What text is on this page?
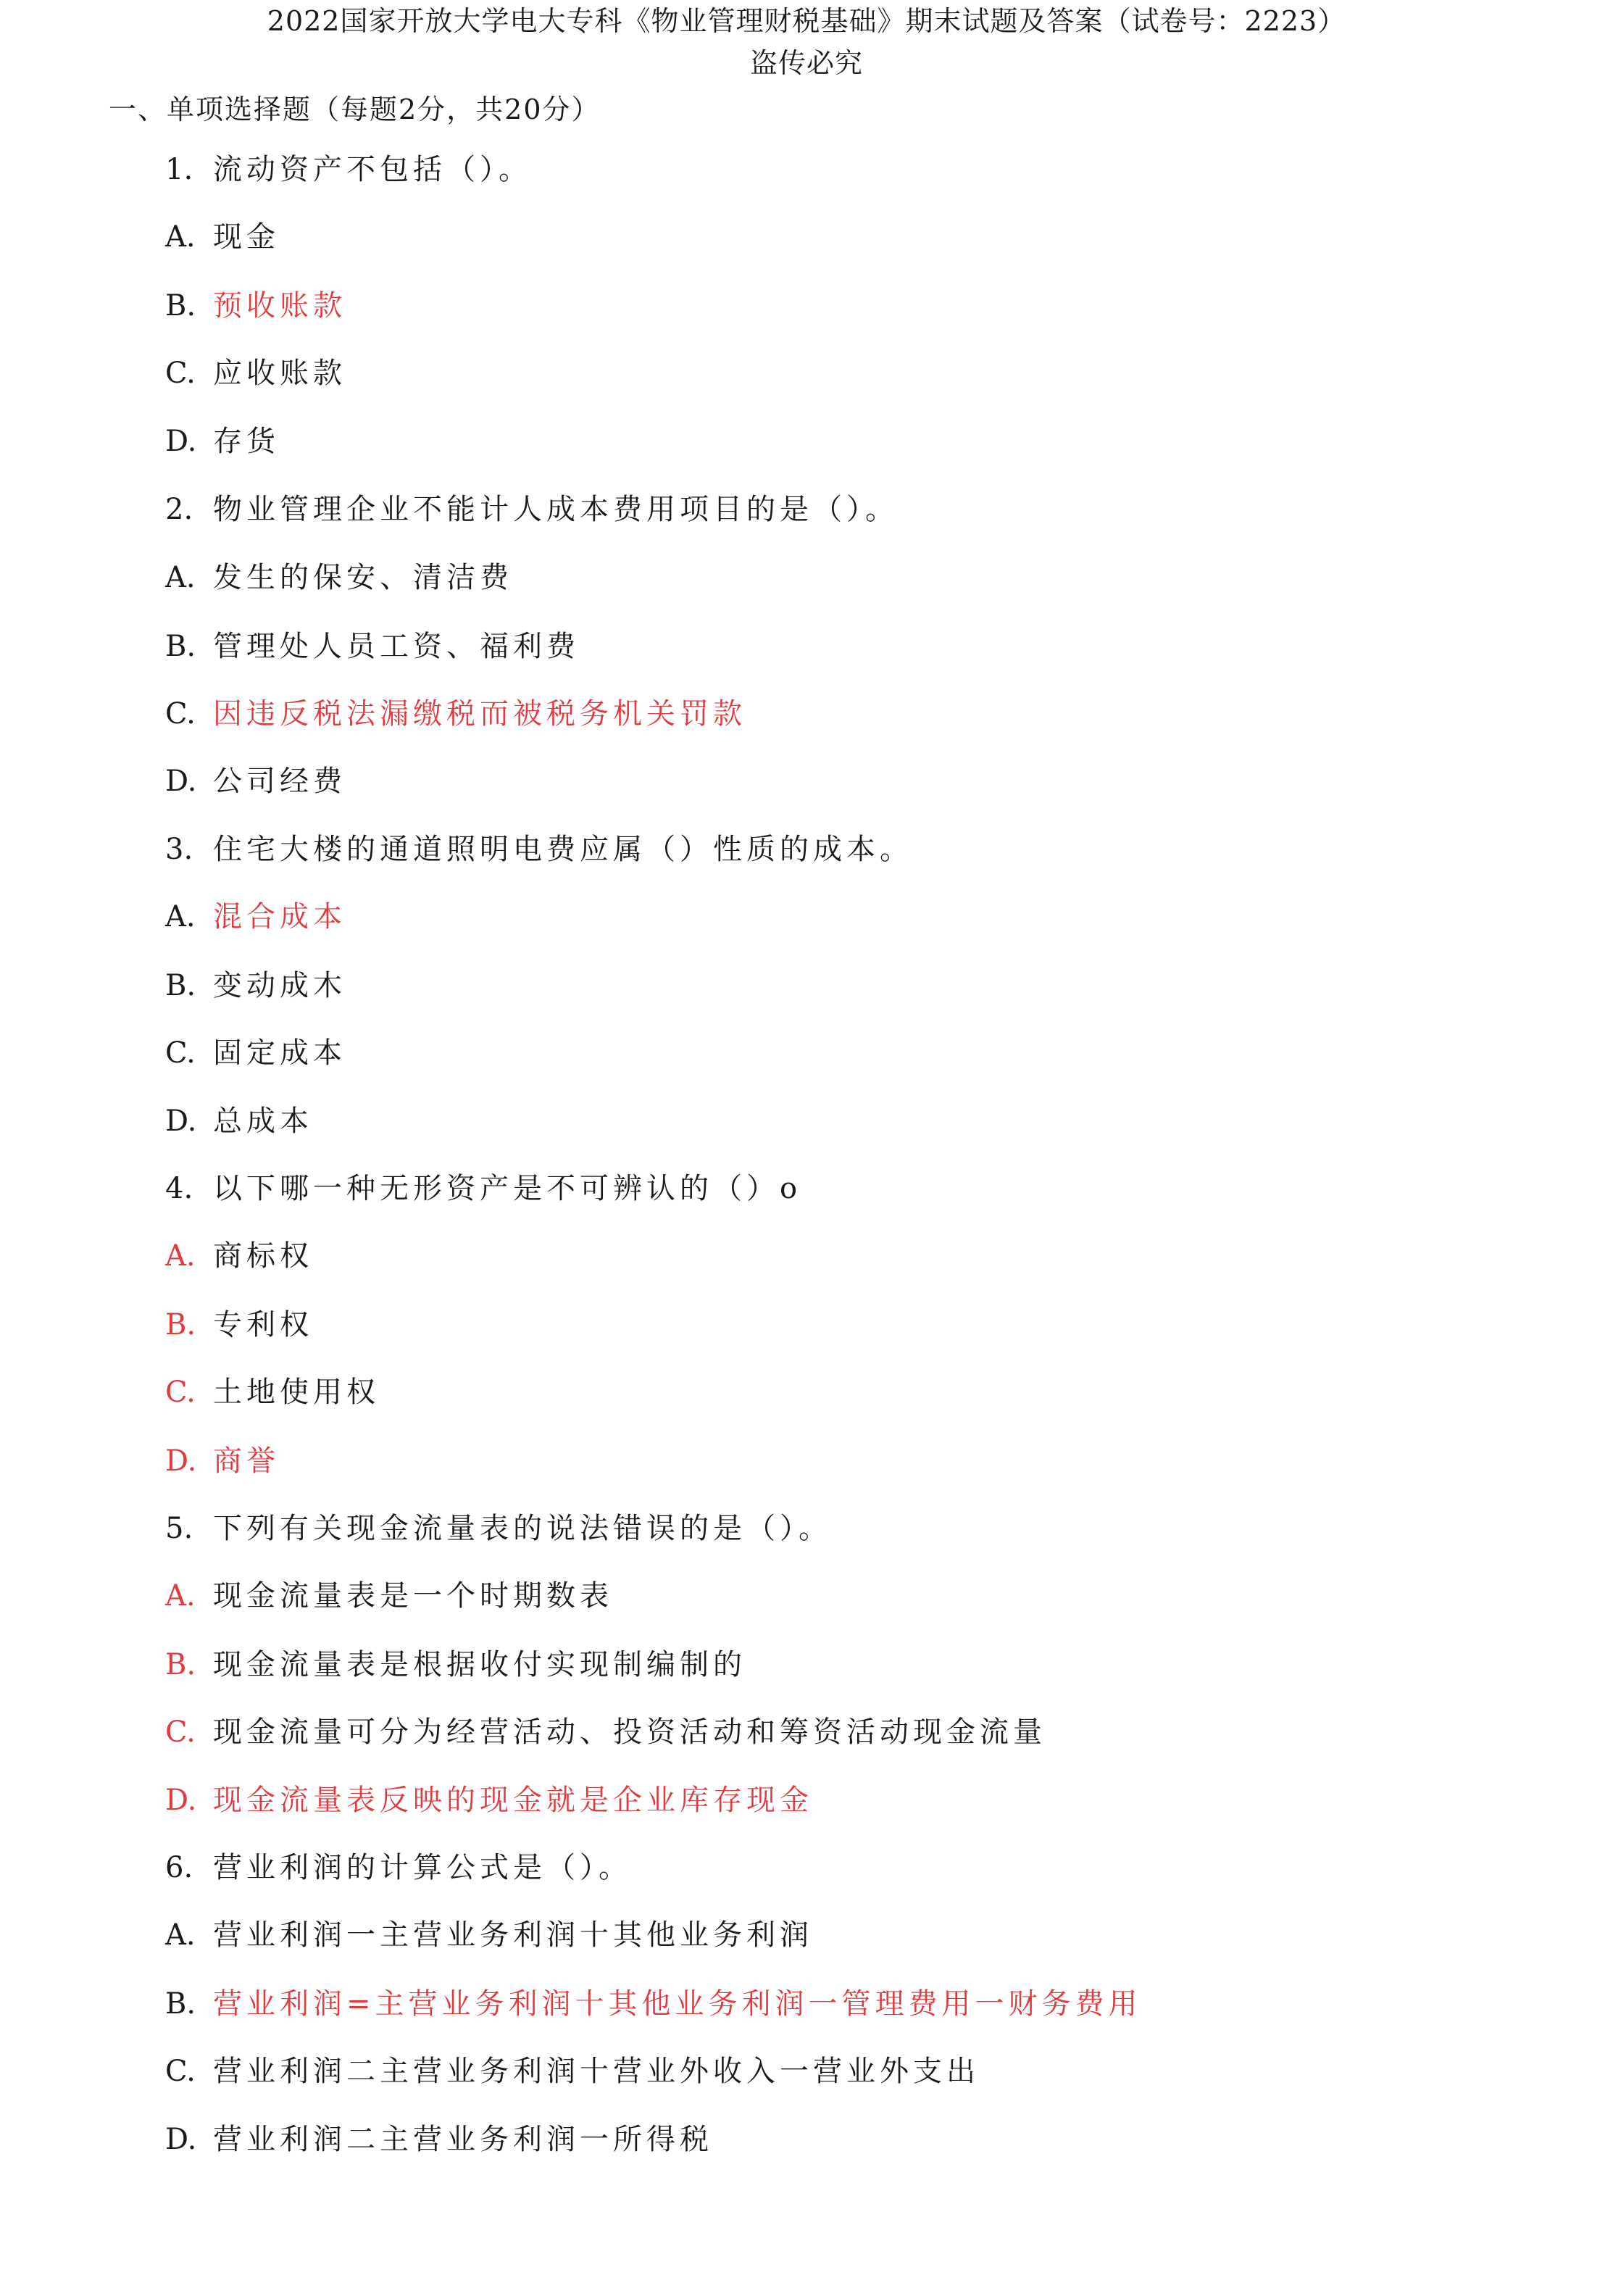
2022国家开放大学电大专科《物业管理财税基础》期末试题及答案（试卷号：2223）
盗传必究
一、单项选择题（每题2分，共20分）
1. 流动资产不包括（）。
A. 现金
B. 预收账款
C. 应收账款
D. 存货
2. 物业管理企业不能计人成本费用项目的是（）。
A. 发生的保安、清洁费
B. 管理处人员工资、福利费
C. 因违反税法漏缴税而被税务机关罚款
D. 公司经费
3. 住宅大楼的通道照明电费应属（）性质的成本。
A. 混合成本
B. 变动成木
C. 固定成本
D. 总成本
4. 以下哪一种无形资产是不可辨认的（）o
A. 商标权
B. 专利权
C. 土地使用权
D. 商誉
5. 下列有关现金流量表的说法错误的是（）。
A. 现金流量表是一个时期数表
B. 现金流量表是根据收付实现制编制的
C. 现金流量可分为经营活动、投资活动和筹资活动现金流量
D. 现金流量表反映的现金就是企业库存现金
6. 营业利润的计算公式是（）。
A. 营业利润一主营业务利润十其他业务利润
B. 营业利润=主营业务利润十其他业务利润一管理费用一财务费用
C. 营业利润二主营业务利润十营业外收入一营业外支出
D. 营业利润二主营业务利润一所得税
